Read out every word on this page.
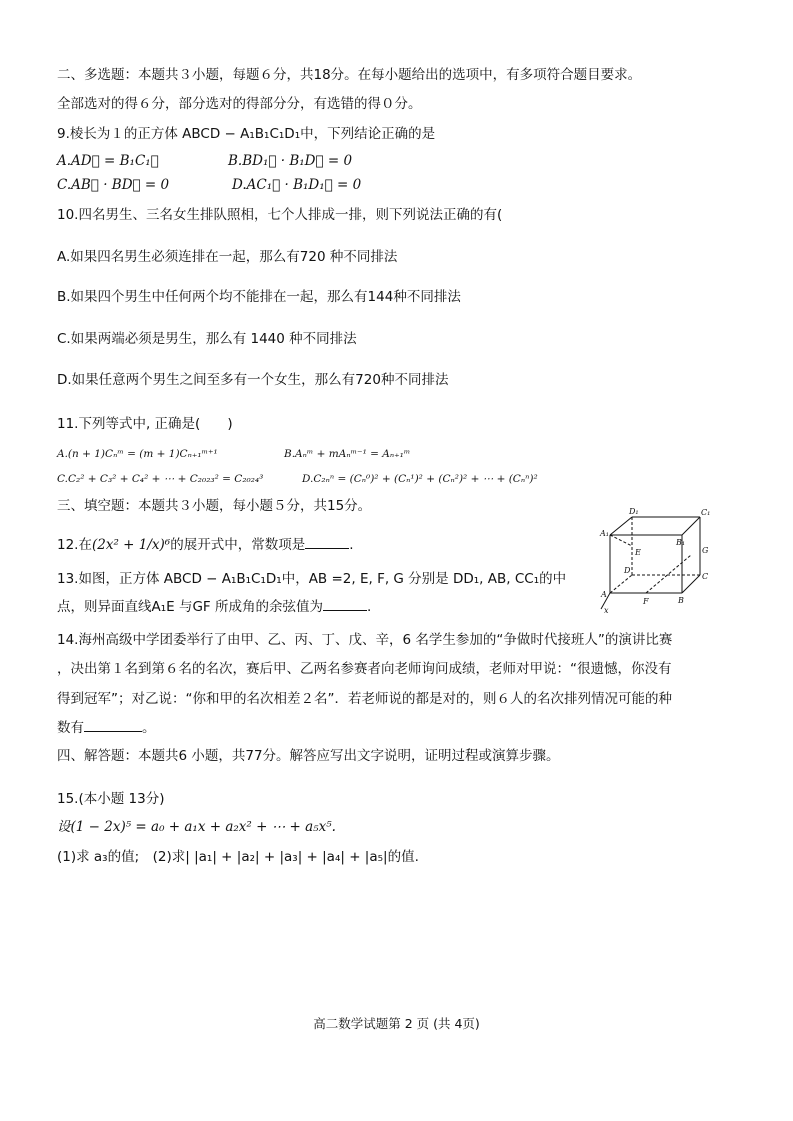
二、多选题：本题共３小题，每题６分，共18分。在每小题给出的选项中，有多项符合题目要求。
全部选对的得６分，部分选对的得部分分，有选错的得０分。
9.棱长为１的正方体 ABCD − A₁B₁C₁D₁中，下列结论正确的是
A.AD⃗ = B₁C₁⃗	B.BD₁⃗ · B₁D⃗ = 0
C.AB⃗ · BD⃗ = 0	D.AC₁⃗ · B₁D₁⃗ = 0
10.四名男生、三名女生排队照相，七个人排成一排，则下列说法正确的有(
A.如果四名男生必须连排在一起，那么有720 种不同排法
B.如果四个男生中任何两个均不能排在一起，那么有144种不同排法
C.如果两端必须是男生，那么有 1440 种不同排法
D.如果任意两个男生之间至多有一个女生，那么有720种不同排法
11.下列等式中, 正确是(　　)
A.(n + 1)Cₙᵐ = (m + 1)Cₙ₊₁ᵐ⁺¹	B.Aₙᵐ + mAₙᵐ⁻¹ = Aₙ₊₁ᵐ
C.C₂² + C₃² + C₄² + ⋯ + C₂₀₂₃² = C₂₀₂₄³	D.C₂ₙⁿ = (Cₙ⁰)² + (Cₙ¹)² + (Cₙ²)² + ⋯ + (Cₙⁿ)²
三、填空题：本题共３小题，每小题５分，共15分。
12.在(2x² + 1/x)⁶的展开式中，常数项是	.
13.如图，正方体 ABCD − A₁B₁C₁D₁中，AB =2, E, F, G 分别是 DD₁, AB, CC₁的中
点，则异面直线A₁E 与GF 所成角的余弦值为	.
D₁	C₁
A₁
B₁
E	G
D
C
A
F	B
x
14.海州高级中学团委举行了由甲、乙、丙、丁、戊、辛，6 名学生参加的“争做时代接班人”的演讲比赛
，决出第１名到第６名的名次，赛后甲、乙两名参赛者向老师询问成绩，老师对甲说：“很遗憾，你没有
得到冠军”；对乙说：“你和甲的名次相差２名”．若老师说的都是对的，则６人的名次排列情况可能的种
数有	。
四、解答题：本题共6 小题，共77分。解答应写出文字说明，证明过程或演算步骤。
15.(本小题 13分)
设(1 − 2x)⁵ = a₀ + a₁x + a₂x² + ⋯ + a₅x⁵.
(1)求 a₃的值;　(2)求| |a₁| + |a₂| + |a₃| + |a₄| + |a₅|的值.
高二数学试题第 2 页 (共 4页)
